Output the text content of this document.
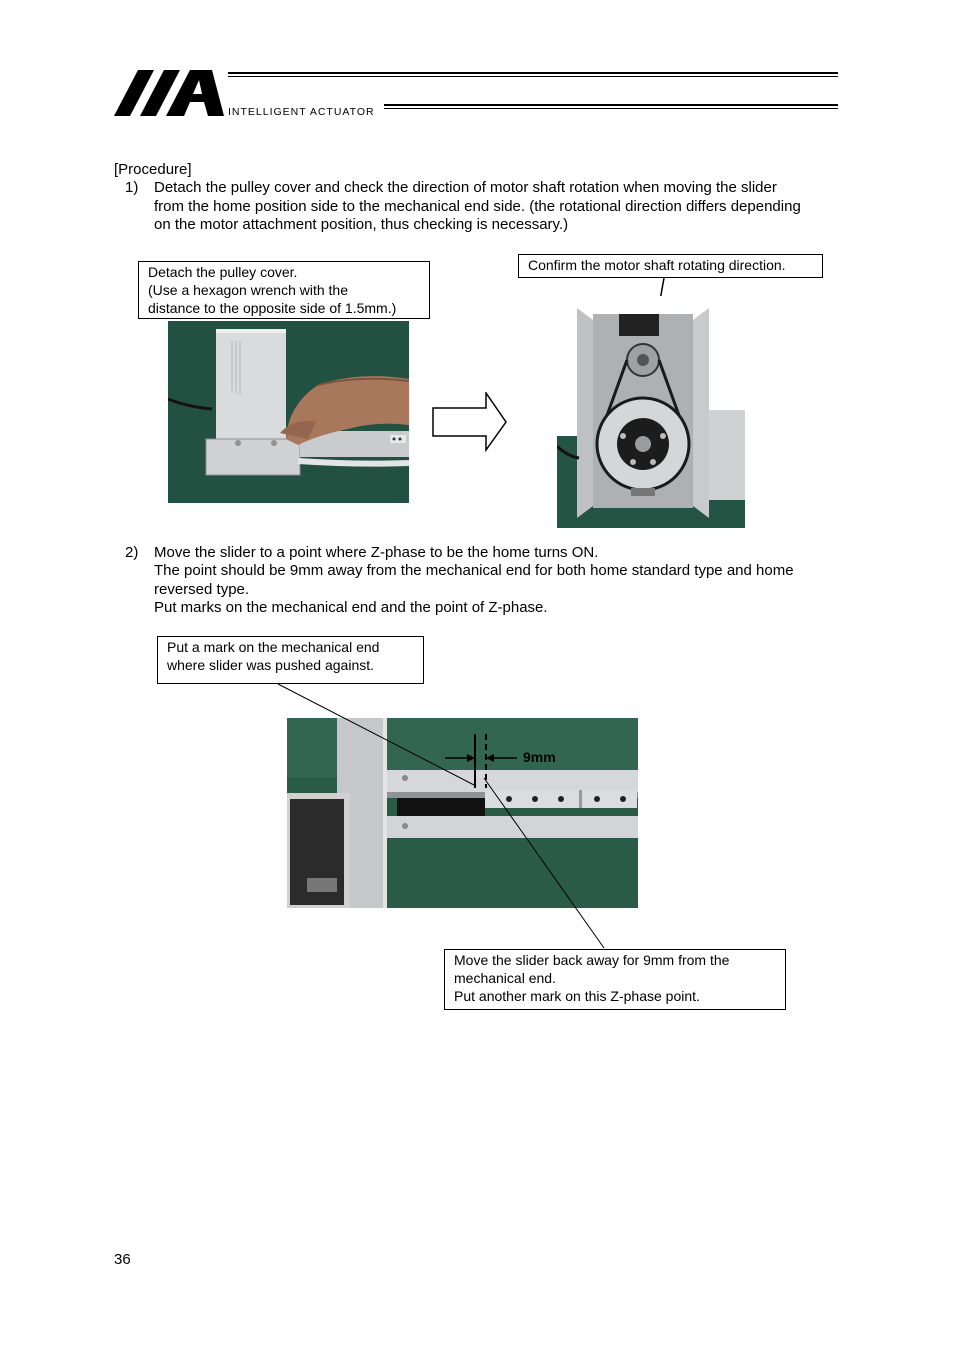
INTELLIGENT ACTUATOR
[Procedure]
1) Detach the pulley cover and check the direction of motor shaft rotation when moving the slider
from the home position side to the mechanical end side. (the rotational direction differs depending
on the motor attachment position, thus checking is necessary.)
Detach the pulley cover.
(Use a hexagon wrench with the
distance to the opposite side of 1.5mm.)
Confirm the motor shaft rotating direction.
2) Move the slider to a point where Z-phase to be the home turns ON.
The point should be 9mm away from the mechanical end for both home standard type and home
reversed type.
Put marks on the mechanical end and the point of Z-phase.
Put a mark on the mechanical end
where slider was pushed against.
9mm
Move the slider back away for 9mm from the
mechanical end.
Put another mark on this Z-phase point.
36
